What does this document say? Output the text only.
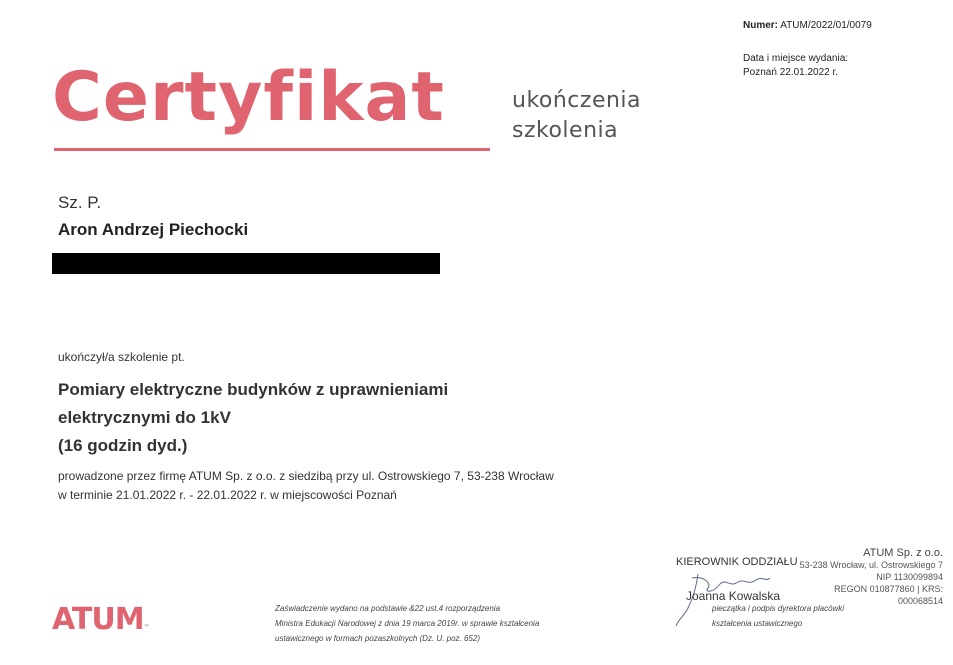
Numer: ATUM/2022/01/0079
Data i miejsce wydania:
Poznań 22.01.2022 r.
Certyfikat	ukończenia
szkolenia
Sz. P.
Aron Andrzej Piechocki
ukończył/a szkolenie pt.
Pomiary elektryczne budynków z uprawnieniami
elektrycznymi do 1kV
(16 godzin dyd.)
prowadzone przez firmę ATUM Sp. z o.o. z siedzibą przy ul. Ostrowskiego 7, 53-238 Wrocław
w terminie 21.01.2022 r. - 22.01.2022 r. w miejscowości Poznań
ATUM™
Zaświadczenie wydano na podstawie &22 ust.4 rozporządzenia
Ministra Edukacji Narodowej z dnia 19 marca 2019r. w sprawie kształcenia
ustawicznego w formach pozaszkolnych (Dz. U. poz. 652)
KIEROWNIK ODDZIAŁU
Joanna Kowalska
pieczątka i podpis dyrektora placówki
kształcenia ustawicznego
ATUM Sp. z o.o.
53-238 Wrocław, ul. Ostrowskiego 7
NIP 1130099894
REGON 010877860 | KRS: 000068514
